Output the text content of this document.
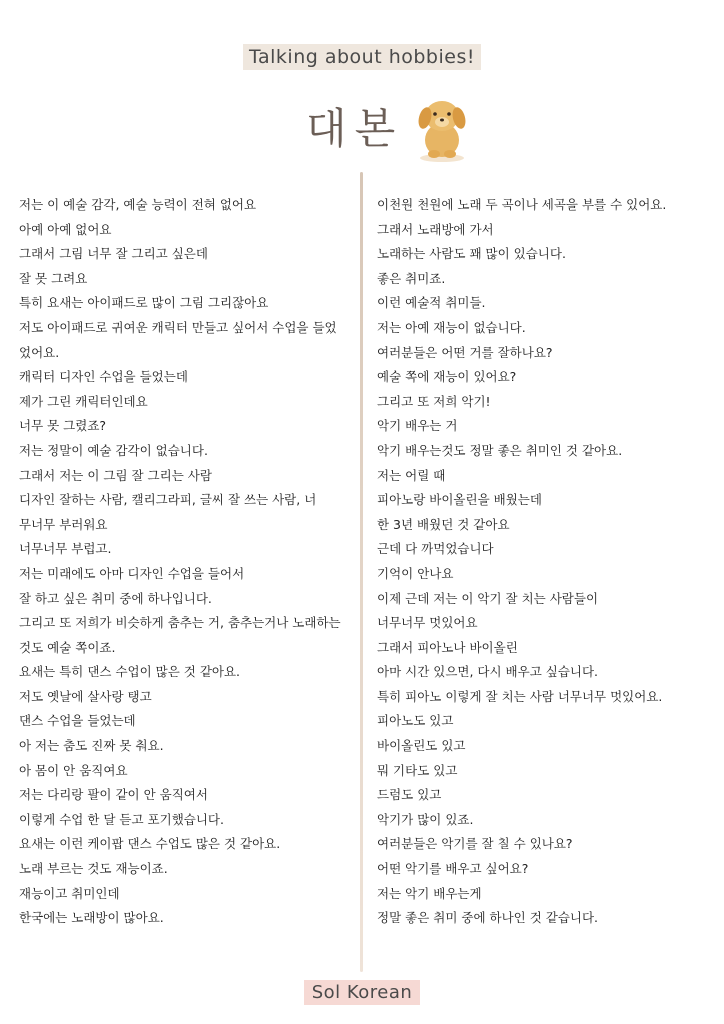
Talking about hobbies!
대본
저는 이 예술 감각, 예술 능력이 전혀 없어요
아예 아예 없어요
그래서 그림 너무 잘 그리고 싶은데
잘 못 그려요
특히 요새는 아이패드로 많이 그림 그리잖아요
저도 아이패드로 귀여운 캐릭터 만들고 싶어서 수업을 들었
었어요.
캐릭터 디자인 수업을 들었는데
제가 그린 캐릭터인데요
너무 못 그렸죠?
저는 정말이 예술 감각이 없습니다.
그래서 저는 이 그림 잘 그리는 사람
디자인 잘하는 사람, 캘리그라피, 글씨 잘 쓰는 사람, 너
무너무 부러워요
너무너무 부럽고.
저는 미래에도 아마 디자인 수업을 들어서
잘 하고 싶은 취미 중에 하나입니다.
그리고 또 저희가 비슷하게 춤추는 거, 춤추는거나 노래하는
것도 예술 쪽이죠.
요새는 특히 댄스 수업이 많은 것 같아요.
저도 옛날에 살사랑 탱고
댄스 수업을 들었는데
아 저는 춤도 진짜 못 춰요.
아 몸이 안 움직여요
저는 다리랑 팔이 같이 안 움직여서
이렇게 수업 한 달 듣고 포기했습니다.
요새는 이런 케이팝 댄스 수업도 많은 것 같아요.
노래 부르는 것도 재능이죠.
재능이고 취미인데
한국에는 노래방이 많아요.
이천원 천원에 노래 두 곡이나 세곡을 부를 수 있어요.
그래서 노래방에 가서
노래하는 사람도 꽤 많이 있습니다.
좋은 취미죠.
이런 예술적 취미들.
저는 아예 재능이 없습니다.
여러분들은 어떤 거를 잘하나요?
예술 쪽에 재능이 있어요?
그리고 또 저희 악기!
악기 배우는 거
악기 배우는것도 정말 좋은 취미인 것 같아요.
저는 어릴 때
피아노랑 바이올린을 배웠는데
한 3년 배웠던 것 같아요
근데 다 까먹었습니다
기억이 안나요
이제 근데 저는 이 악기 잘 치는 사람들이
너무너무 멋있어요
그래서 피아노나 바이올린
아마 시간 있으면, 다시 배우고 싶습니다.
특히 피아노 이렇게 잘 치는 사람 너무너무 멋있어요.
피아노도 있고
바이올린도 있고
뭐 기타도 있고
드럼도 있고
악기가 많이 있죠.
여러분들은 악기를 잘 칠 수 있나요?
어떤 악기를 배우고 싶어요?
저는 악기 배우는게
정말 좋은 취미 중에 하나인 것 같습니다.
Sol Korean
